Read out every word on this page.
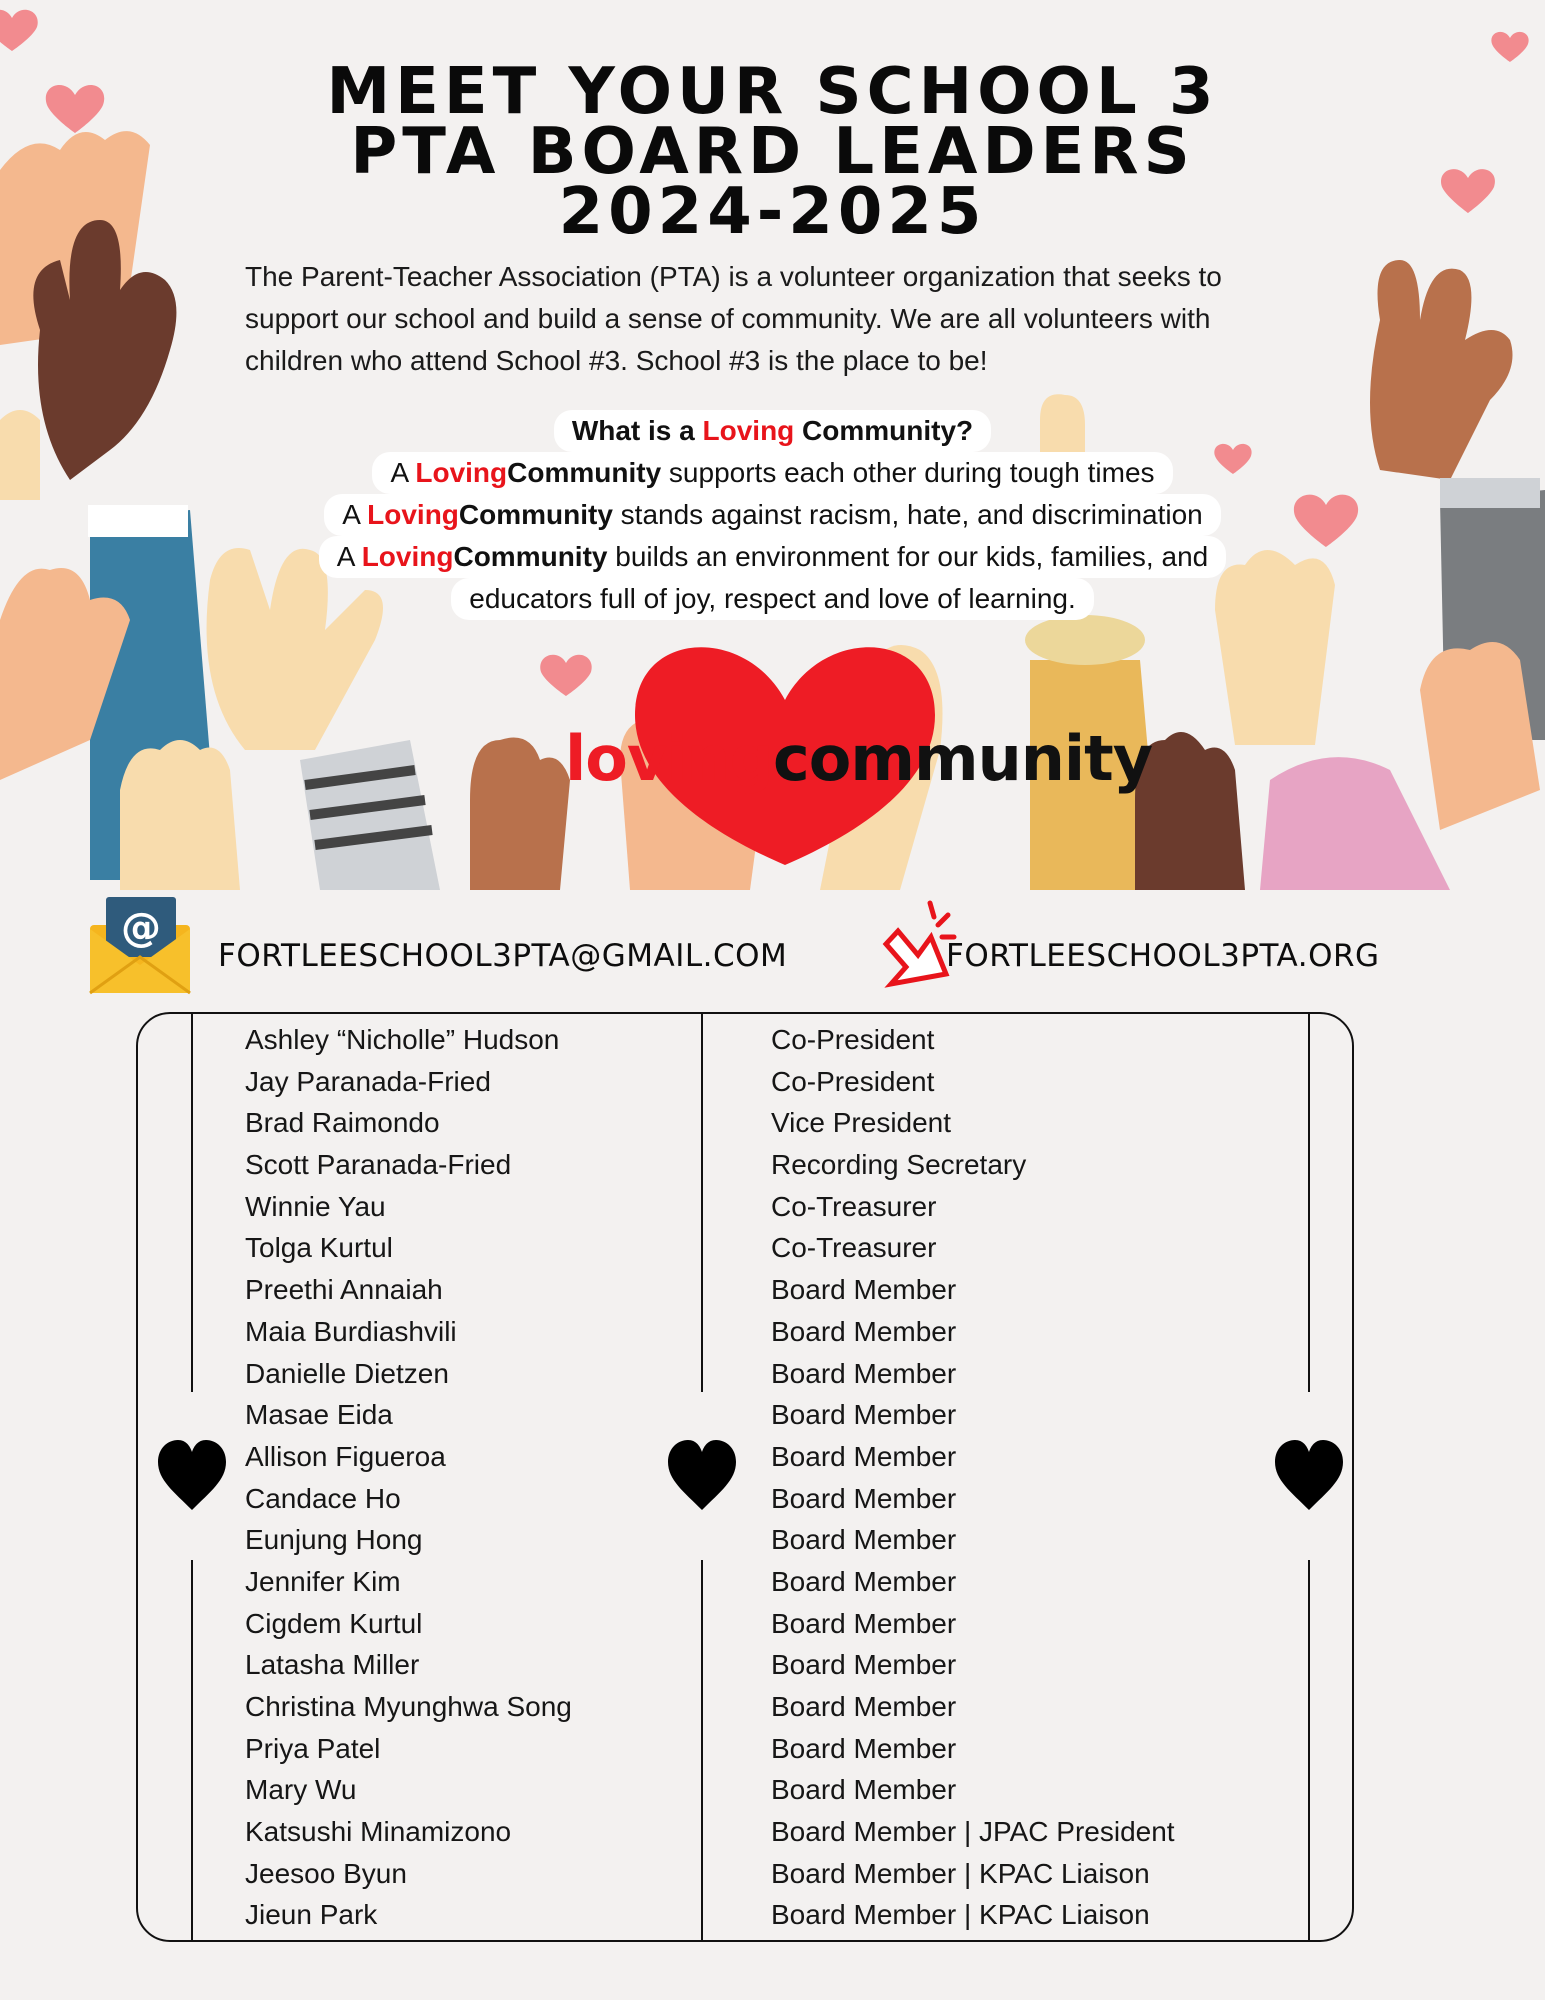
MEET YOUR SCHOOL 3
PTA BOARD LEADERS
2024-2025
The Parent-Teacher Association (PTA) is a volunteer organization that seeks to
support our school and build a sense of community. We are all volunteers with
children who attend School #3. School #3 is the place to be!
What is a Loving Community?
A LovingCommunity supports each other during tough times
A LovingCommunity stands against racism, hate, and discrimination
A LovingCommunity builds an environment for our kids, families, and
educators full of joy, respect and love of learning.
lovingcommunity
@
FORTLEESCHOOL3PTA@GMAIL.COM	FORTLEESCHOOL3PTA.ORG
Ashley “Nicholle” Hudson
Jay Paranada-Fried
Brad Raimondo
Scott Paranada-Fried
Winnie Yau
Tolga Kurtul
Preethi Annaiah
Maia Burdiashvili
Danielle Dietzen
Masae Eida
Allison Figueroa
Candace Ho
Eunjung Hong
Jennifer Kim
Cigdem Kurtul
Latasha Miller
Christina Myunghwa Song
Priya Patel
Mary Wu
Katsushi Minamizono
Jeesoo Byun
Jieun Park
Co-President
Co-President
Vice President
Recording Secretary
Co-Treasurer
Co-Treasurer
Board Member
Board Member
Board Member
Board Member
Board Member
Board Member
Board Member
Board Member
Board Member
Board Member
Board Member
Board Member
Board Member
Board Member | JPAC President
Board Member | KPAC Liaison
Board Member | KPAC Liaison
